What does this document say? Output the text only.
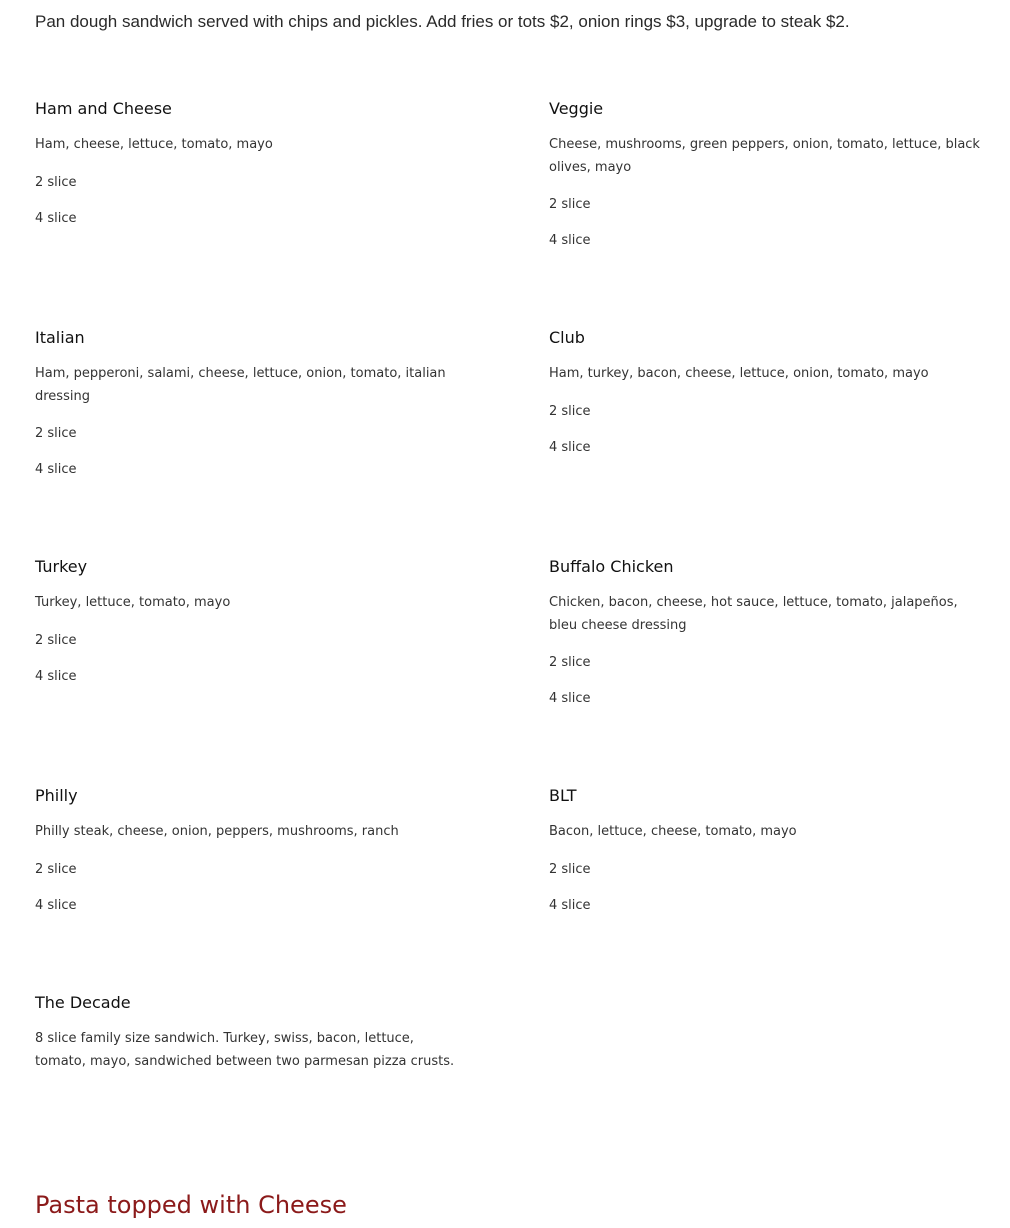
Pan dough sandwich served with chips and pickles. Add fries or tots $2, onion rings $3, upgrade to steak $2.

Ham and Cheese

Ham, cheese, lettuce, tomato, mayo

2 slice

4 slice

Veggie

Cheese, mushrooms, green peppers, onion, tomato, lettuce, black olives, mayo

2 slice

4 slice

Italian

Ham, pepperoni, salami, cheese, lettuce, onion, tomato, italian dressing

2 slice

4 slice

Club

Ham, turkey, bacon, cheese, lettuce, onion, tomato, mayo

2 slice

4 slice

Turkey

Turkey, lettuce, tomato, mayo

2 slice

4 slice

Buffalo Chicken

Chicken, bacon, cheese, hot sauce, lettuce, tomato, jalapeños, bleu cheese dressing

2 slice

4 slice

Philly

Philly steak, cheese, onion, peppers, mushrooms, ranch

2 slice

4 slice

BLT

Bacon, lettuce, cheese, tomato, mayo

2 slice

4 slice

The Decade

8 slice family size sandwich. Turkey, swiss, bacon, lettuce, tomato, mayo, sandwiched between two parmesan pizza crusts.

Pasta topped with Cheese
